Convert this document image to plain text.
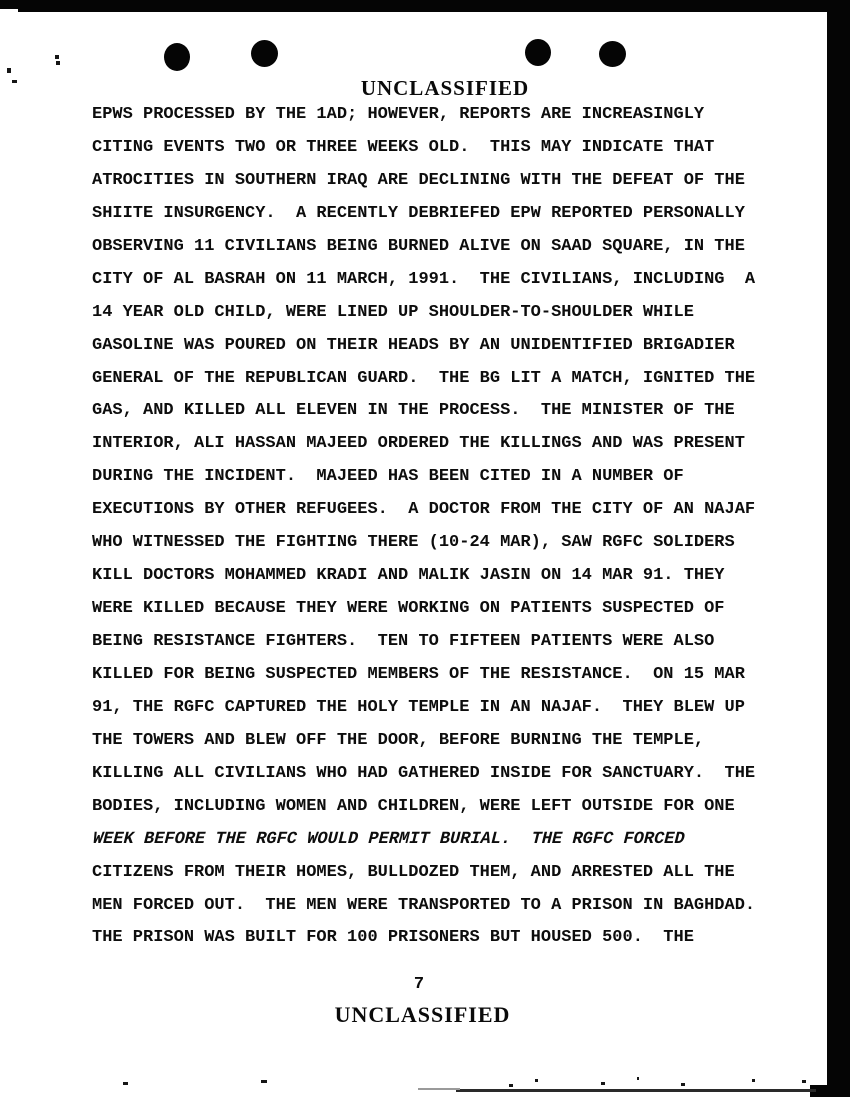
UNCLASSIFIED
EPWS PROCESSED BY THE 1AD; HOWEVER, REPORTS ARE INCREASINGLY
CITING EVENTS TWO OR THREE WEEKS OLD.  THIS MAY INDICATE THAT
ATROCITIES IN SOUTHERN IRAQ ARE DECLINING WITH THE DEFEAT OF THE
SHIITE INSURGENCY.  A RECENTLY DEBRIEFED EPW REPORTED PERSONALLY
OBSERVING 11 CIVILIANS BEING BURNED ALIVE ON SAAD SQUARE, IN THE
CITY OF AL BASRAH ON 11 MARCH, 1991.  THE CIVILIANS, INCLUDING  A
14 YEAR OLD CHILD, WERE LINED UP SHOULDER-TO-SHOULDER WHILE
GASOLINE WAS POURED ON THEIR HEADS BY AN UNIDENTIFIED BRIGADIER
GENERAL OF THE REPUBLICAN GUARD.  THE BG LIT A MATCH, IGNITED THE
GAS, AND KILLED ALL ELEVEN IN THE PROCESS.  THE MINISTER OF THE
INTERIOR, ALI HASSAN MAJEED ORDERED THE KILLINGS AND WAS PRESENT
DURING THE INCIDENT.  MAJEED HAS BEEN CITED IN A NUMBER OF
EXECUTIONS BY OTHER REFUGEES.  A DOCTOR FROM THE CITY OF AN NAJAF
WHO WITNESSED THE FIGHTING THERE (10-24 MAR), SAW RGFC SOLIDERS
KILL DOCTORS MOHAMMED KRADI AND MALIK JASIN ON 14 MAR 91. THEY
WERE KILLED BECAUSE THEY WERE WORKING ON PATIENTS SUSPECTED OF
BEING RESISTANCE FIGHTERS.  TEN TO FIFTEEN PATIENTS WERE ALSO
KILLED FOR BEING SUSPECTED MEMBERS OF THE RESISTANCE.  ON 15 MAR
91, THE RGFC CAPTURED THE HOLY TEMPLE IN AN NAJAF.  THEY BLEW UP
THE TOWERS AND BLEW OFF THE DOOR, BEFORE BURNING THE TEMPLE,
KILLING ALL CIVILIANS WHO HAD GATHERED INSIDE FOR SANCTUARY.  THE
BODIES, INCLUDING WOMEN AND CHILDREN, WERE LEFT OUTSIDE FOR ONE
WEEK BEFORE THE RGFC WOULD PERMIT BURIAL.  THE RGFC FORCED
CITIZENS FROM THEIR HOMES, BULLDOZED THEM, AND ARRESTED ALL THE
MEN FORCED OUT.  THE MEN WERE TRANSPORTED TO A PRISON IN BAGHDAD.
THE PRISON WAS BUILT FOR 100 PRISONERS BUT HOUSED 500.  THE
7
UNCLASSIFIED
